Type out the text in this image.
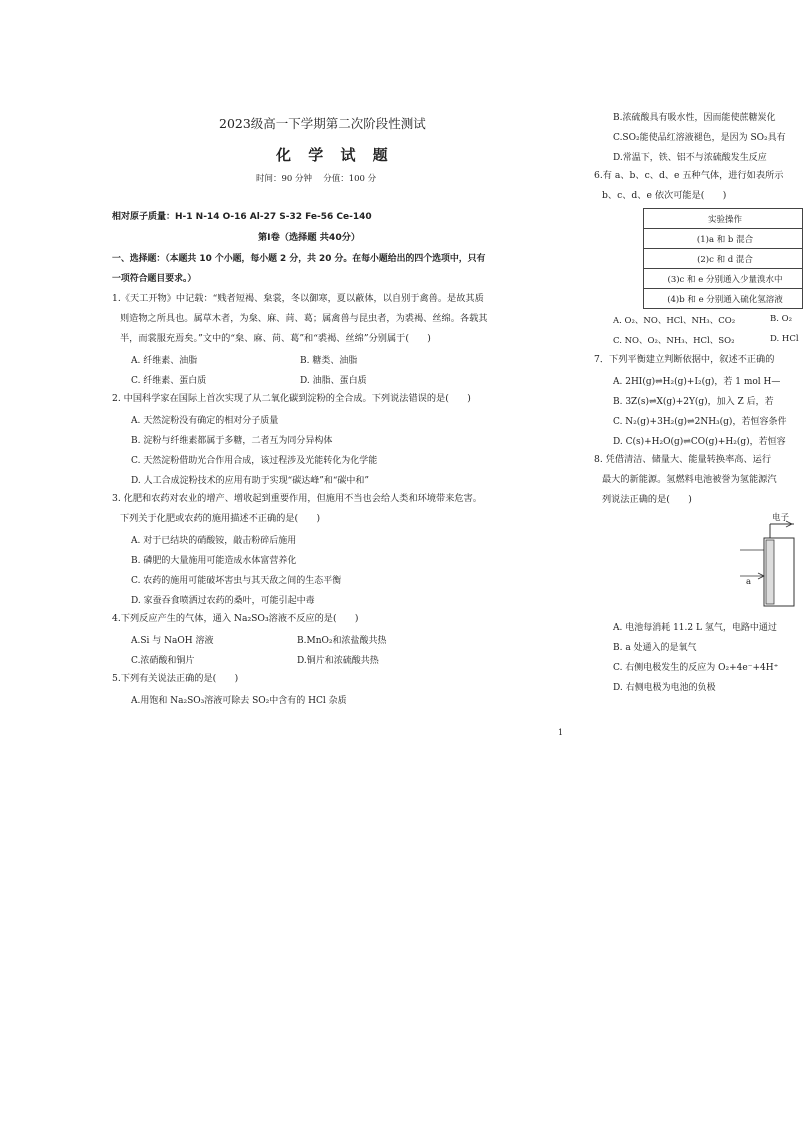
2023级高一下学期第二次阶段性测试
化 学 试 题
时间：90 分钟　 分值：100 分
相对原子质量：H-1 N-14 O-16 Al-27 S-32 Fe-56 Ce-140
第Ⅰ卷（选择题 共40分）
一、选择题：（本题共 10 个小题，每小题 2 分，共 20 分。在每小题给出的四个选项中，只有
一项符合题目要求。）
1.《天工开物》中记载：“贱者短褐、枲裳，冬以御寒，夏以蔽体，以自别于禽兽。是故其质
则造物之所具也。属草木者，为枲、麻、苘、葛；属禽兽与昆虫者，为裘褐、丝绵。各载其
半，而裳服充焉矣。”文中的“枲、麻、苘、葛”和“裘褐、丝绵”分别属于(　　)
A. 纤维素、油脂	B. 糖类、油脂
C. 纤维素、蛋白质	D. 油脂、蛋白质
2. 中国科学家在国际上首次实现了从二氧化碳到淀粉的全合成。下列说法错误的是(　　)
A. 天然淀粉没有确定的相对分子质量
B. 淀粉与纤维素都属于多糖，二者互为同分异构体
C. 天然淀粉借助光合作用合成，该过程涉及光能转化为化学能
D. 人工合成淀粉技术的应用有助于实现“碳达峰”和“碳中和”
3. 化肥和农药对农业的增产、增收起到重要作用，但施用不当也会给人类和环境带来危害。
下列关于化肥或农药的施用描述不正确的是(　　)
A. 对于已结块的硝酸铵，敲击粉碎后施用
B. 磷肥的大量施用可能造成水体富营养化
C. 农药的施用可能破坏害虫与其天敌之间的生态平衡
D. 家蚕吞食喷洒过农药的桑叶，可能引起中毒
4.下列反应产生的气体，通入 Na₂SO₃溶液不反应的是(　　)
A.Si 与 NaOH 溶液	B.MnO₂和浓盐酸共热
C.浓硝酸和铜片	D.铜片和浓硫酸共热
5.下列有关说法正确的是(　　)
A.用饱和 Na₂SO₃溶液可除去 SO₂中含有的 HCl 杂质
B.浓硫酸具有吸水性，因而能使蔗糖炭化
C.SO₂能使品红溶液褪色，是因为 SO₂具有
D.常温下，铁、铝不与浓硫酸发生反应
6.有 a、b、c、d、e 五种气体，进行如表所示
b、c、d、e 依次可能是(　　)
实验操作
(1)a 和 b 混合
(2)c 和 d 混合
(3)c 和 e 分别通入少量溴水中
(4)b 和 e 分别通入硫化氢溶液
A. O₂、NO、HCl、NH₃、CO₂	B. O₂
C. NO、O₂、NH₃、HCl、SO₂	D. HCl
7．下列平衡建立判断依据中，叙述不正确的
A. 2HI(g)⇌H₂(g)+I₂(g)，若 1 mol H—
B. 3Z(s)⇌X(g)+2Y(g)，加入 Z 后，若
C. N₂(g)+3H₂(g)⇌2NH₃(g)，若恒容条件
D. C(s)+H₂O(g)⇌CO(g)+H₂(g)，若恒容
8. 凭借清洁、储量大、能量转换率高、运行
最大的新能源。氢燃料电池被誉为氢能源汽
列说法正确的是(　　)
电子
a
A. 电池每消耗 11.2 L 氢气，电路中通过
B. a 处通入的是氧气
C. 右侧电极发生的反应为 O₂+4e⁻+4H⁺
D. 右侧电极为电池的负极
1
